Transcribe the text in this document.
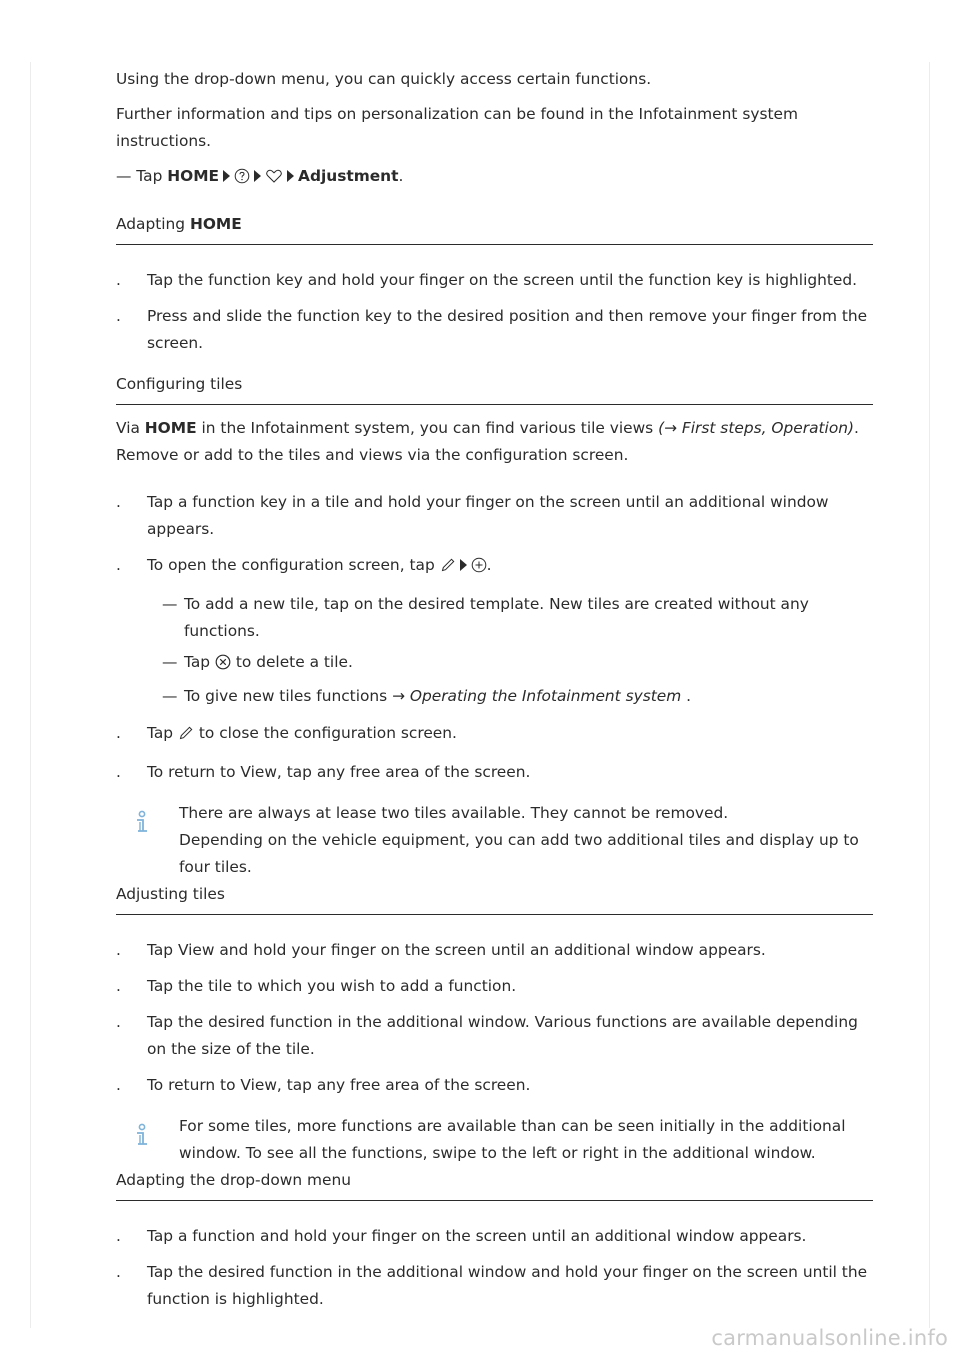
Using the drop-down menu, you can quickly access certain functions.

Further information and tips on personalization can be found in the Infotainment system instructions.

— Tap HOME	Adjustment.

Adapting HOME
.	Tap the function key and hold your finger on the screen until the function key is highlighted.
.	Press and slide the function key to the desired position and then remove your finger from the screen.
Configuring tiles

Via HOME in the Infotainment system, you can find various tile views (→ First steps, Operation).

Remove or add to the tiles and views via the configuration screen.

.	Tap a function key in a tile and hold your finger on the screen until an additional window appears.
.	To open the configuration screen, tap	.
— To add a new tile, tap on the desired template. New tiles are created without any functions.
— Tap  to delete a tile.
— To give new tiles functions → Operating the Infotainment system .
.	Tap  to close the configuration screen.
.	To return to View, tap any free area of the screen.

There are always at lease two tiles available. They cannot be removed.

Depending on the vehicle equipment, you can add two additional tiles and display up to four tiles.

Adjusting tiles
.	Tap View and hold your finger on the screen until an additional window appears.
.	Tap the tile to which you wish to add a function.
.	Tap the desired function in the additional window. Various functions are available depending on the size of the tile.
.	To return to View, tap any free area of the screen.

For some tiles, more functions are available than can be seen initially in the additional window. To see all the functions, swipe to the left or right in the additional window.

Adapting the drop-down menu
.	Tap a function and hold your finger on the screen until an additional window appears.
.	Tap the desired function in the additional window and hold your finger on the screen until the function is highlighted.
carmanualsonline.info
